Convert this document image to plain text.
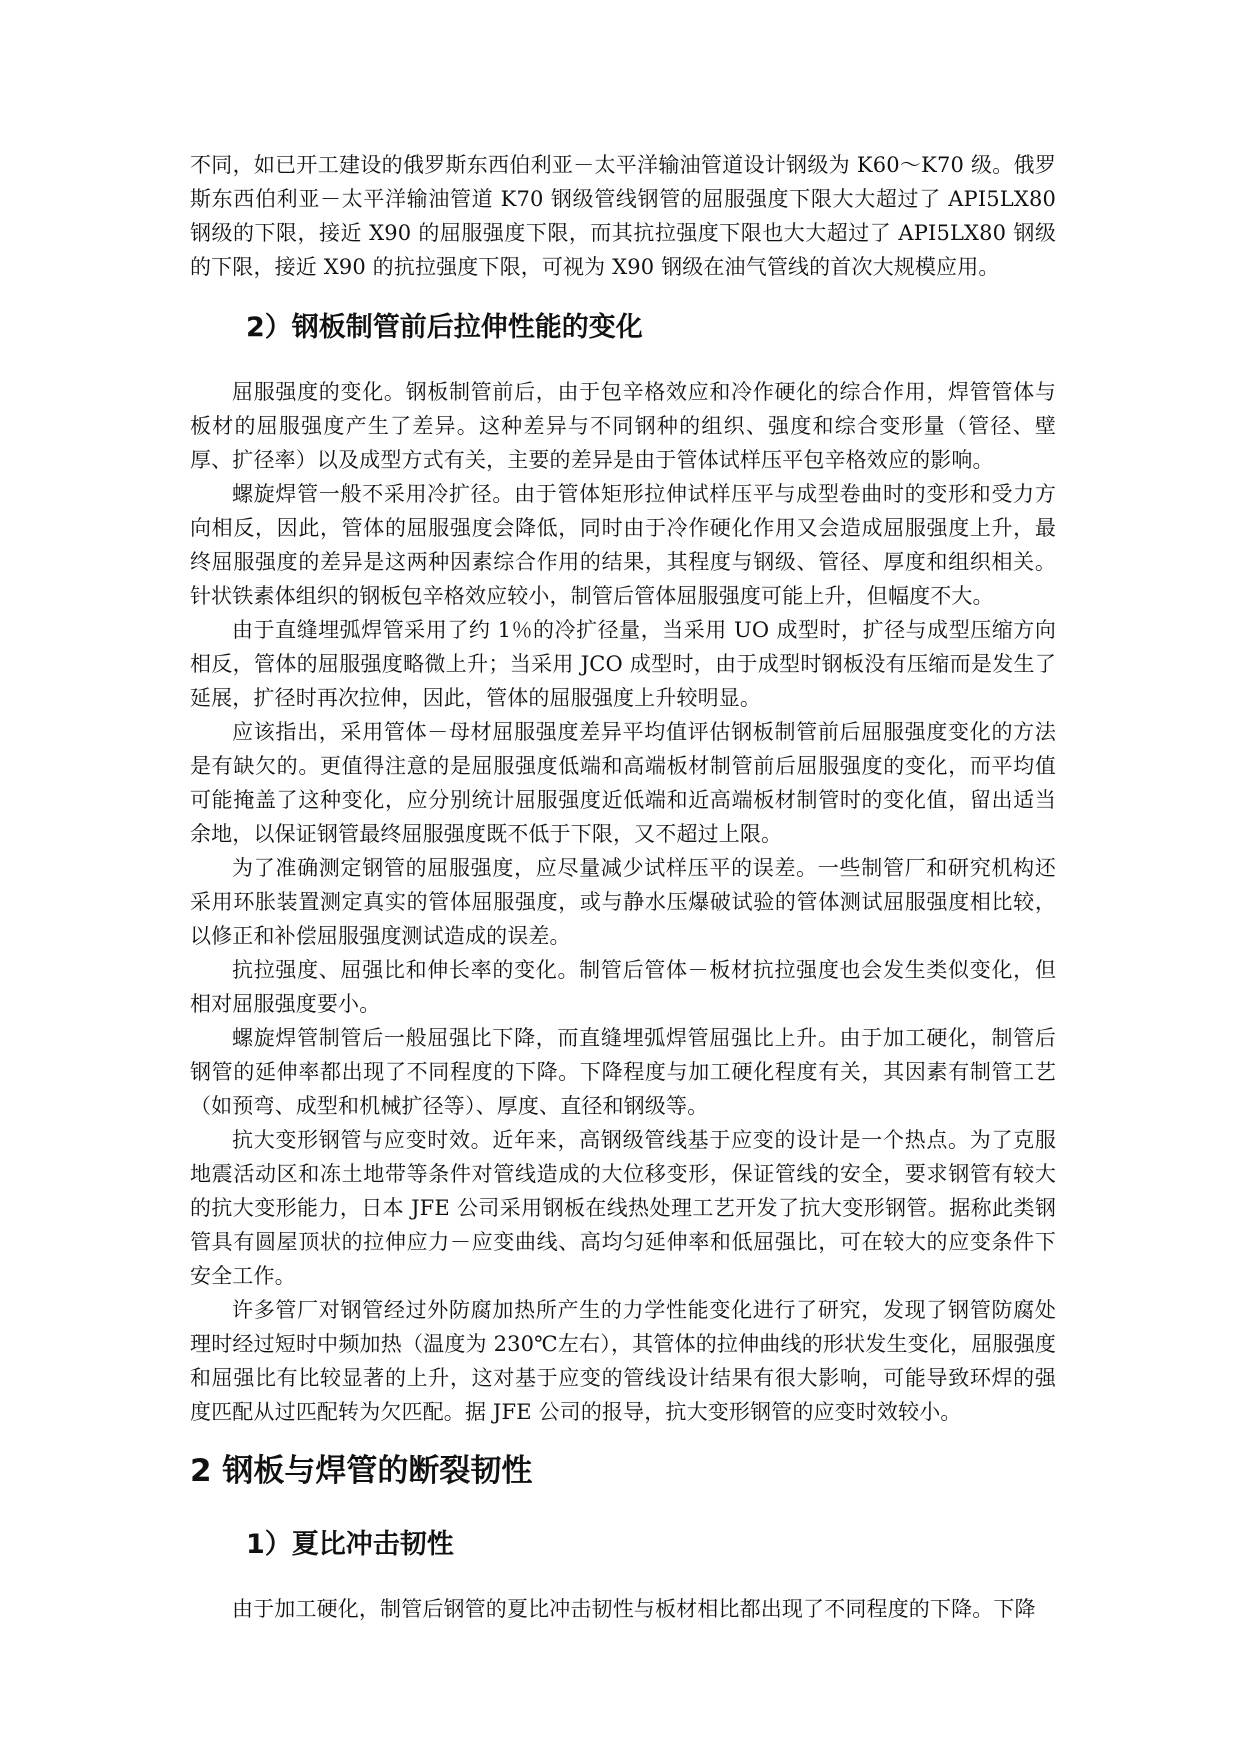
不同，如已开工建设的俄罗斯东西伯利亚－太平洋输油管道设计钢级为 K60～K70 级。俄罗斯东西伯利亚－太平洋输油管道 K70 钢级管线钢管的屈服强度下限大大超过了 API5LX80 钢级的下限，接近 X90 的屈服强度下限，而其抗拉强度下限也大大超过了 API5LX80 钢级的下限，接近 X90 的抗拉强度下限，可视为 X90 钢级在油气管线的首次大规模应用。

2）钢板制管前后拉伸性能的变化

屈服强度的变化。钢板制管前后，由于包辛格效应和冷作硬化的综合作用，焊管管体与板材的屈服强度产生了差异。这种差异与不同钢种的组织、强度和综合变形量（管径、壁厚、扩径率）以及成型方式有关，主要的差异是由于管体试样压平包辛格效应的影响。

螺旋焊管一般不采用冷扩径。由于管体矩形拉伸试样压平与成型卷曲时的变形和受力方向相反，因此，管体的屈服强度会降低，同时由于冷作硬化作用又会造成屈服强度上升，最终屈服强度的差异是这两种因素综合作用的结果，其程度与钢级、管径、厚度和组织相关。针状铁素体组织的钢板包辛格效应较小，制管后管体屈服强度可能上升，但幅度不大。

由于直缝埋弧焊管采用了约 1％的冷扩径量，当采用 UO 成型时，扩径与成型压缩方向相反，管体的屈服强度略微上升；当采用 JCO 成型时，由于成型时钢板没有压缩而是发生了延展，扩径时再次拉伸，因此，管体的屈服强度上升较明显。

应该指出，采用管体－母材屈服强度差异平均值评估钢板制管前后屈服强度变化的方法是有缺欠的。更值得注意的是屈服强度低端和高端板材制管前后屈服强度的变化，而平均值可能掩盖了这种变化，应分别统计屈服强度近低端和近高端板材制管时的变化值，留出适当余地，以保证钢管最终屈服强度既不低于下限，又不超过上限。

为了准确测定钢管的屈服强度，应尽量减少试样压平的误差。一些制管厂和研究机构还采用环胀装置测定真实的管体屈服强度，或与静水压爆破试验的管体测试屈服强度相比较，以修正和补偿屈服强度测试造成的误差。

抗拉强度、屈强比和伸长率的变化。制管后管体－板材抗拉强度也会发生类似变化，但相对屈服强度要小。

螺旋焊管制管后一般屈强比下降，而直缝埋弧焊管屈强比上升。由于加工硬化，制管后钢管的延伸率都出现了不同程度的下降。下降程度与加工硬化程度有关，其因素有制管工艺（如预弯、成型和机械扩径等）、厚度、直径和钢级等。

抗大变形钢管与应变时效。近年来，高钢级管线基于应变的设计是一个热点。为了克服地震活动区和冻土地带等条件对管线造成的大位移变形，保证管线的安全，要求钢管有较大的抗大变形能力，日本 JFE 公司采用钢板在线热处理工艺开发了抗大变形钢管。据称此类钢管具有圆屋顶状的拉伸应力－应变曲线、高均匀延伸率和低屈强比，可在较大的应变条件下安全工作。

许多管厂对钢管经过外防腐加热所产生的力学性能变化进行了研究，发现了钢管防腐处理时经过短时中频加热（温度为 230℃左右），其管体的拉伸曲线的形状发生变化，屈服强度和屈强比有比较显著的上升，这对基于应变的管线设计结果有很大影响，可能导致环焊的强度匹配从过匹配转为欠匹配。据 JFE 公司的报导，抗大变形钢管的应变时效较小。

2 钢板与焊管的断裂韧性
1）夏比冲击韧性

由于加工硬化，制管后钢管的夏比冲击韧性与板材相比都出现了不同程度的下降。下降
